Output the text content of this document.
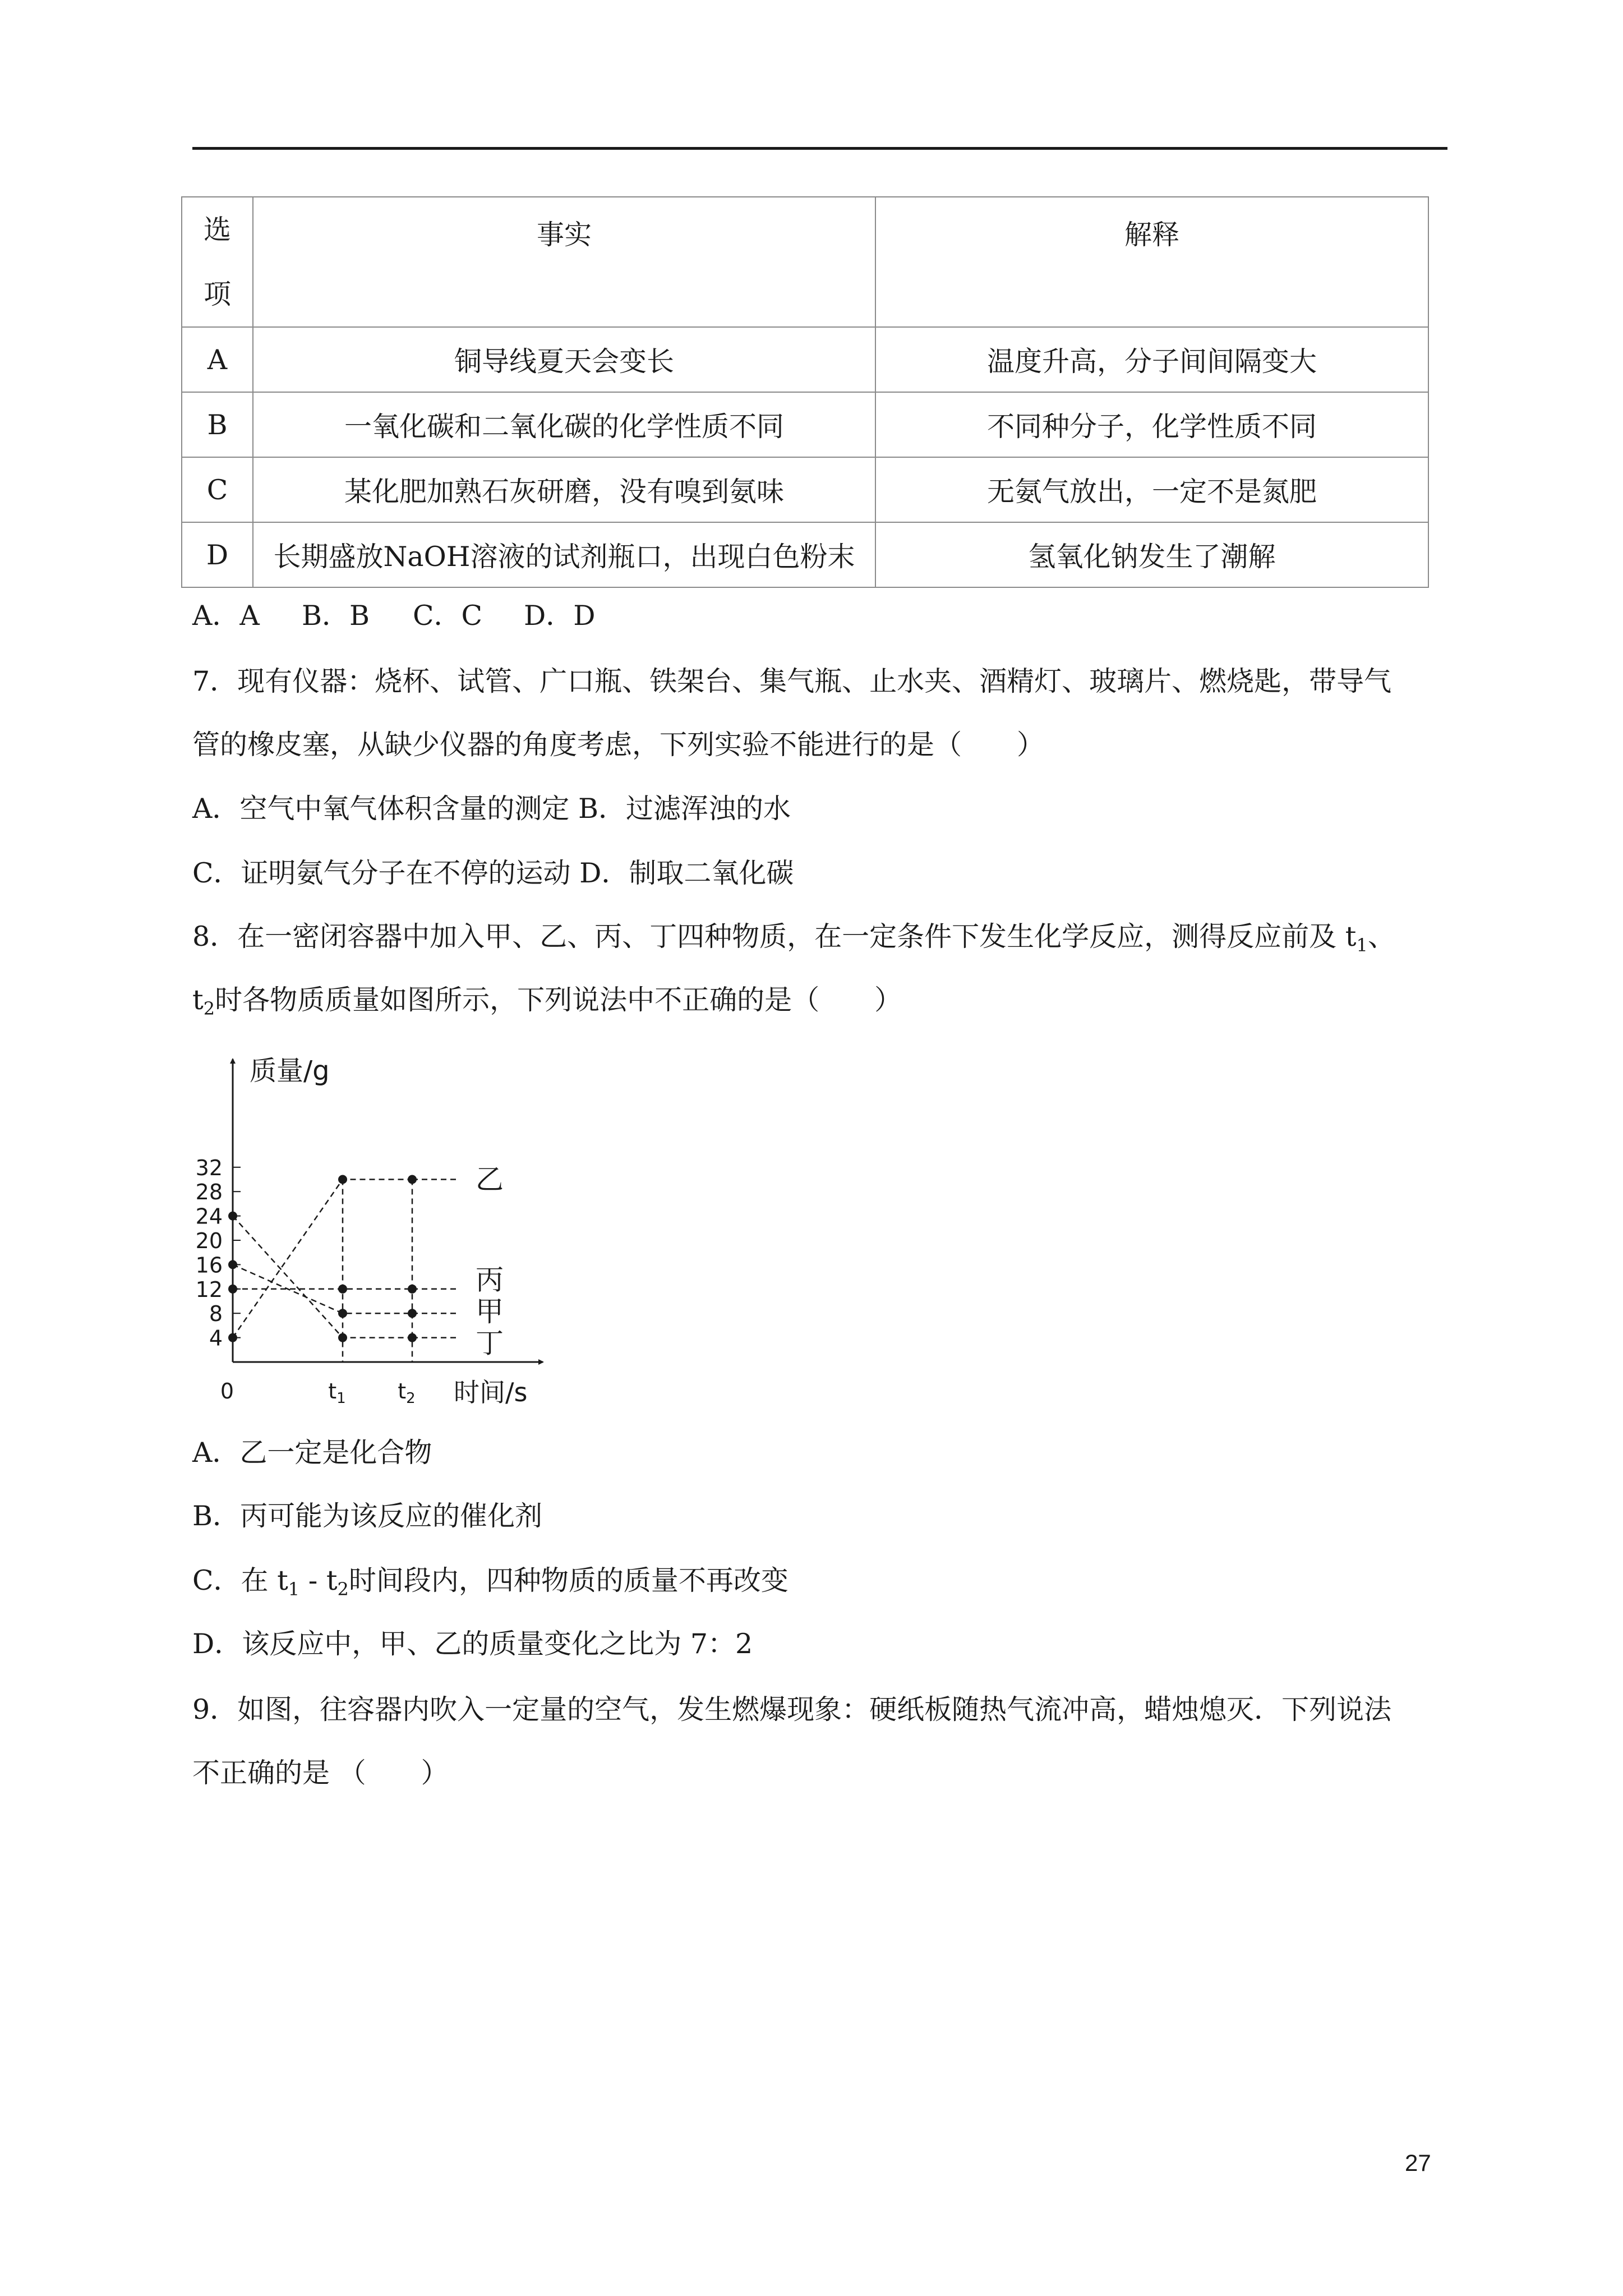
选
项	事实	解释
A	铜导线夏天会变长	温度升高，分子间间隔变大
B	一氧化碳和二氧化碳的化学性质不同	不同种分子，化学性质不同
C	某化肥加熟石灰研磨，没有嗅到氨味	无氨气放出，一定不是氮肥
D	长期盛放NaOH溶液的试剂瓶口，出现白色粉末	氢氧化钠发生了潮解
A．A B．B C．C D．D
7．现有仪器：烧杯、试管、广口瓶、铁架台、集气瓶、止水夹、酒精灯、玻璃片、燃烧匙，带导气
管的橡皮塞，从缺少仪器的角度考虑，下列实验不能进行的是（　　）
A．空气中氧气体积含量的测定 B．过滤浑浊的水
C．证明氨气分子在不停的运动 D．制取二氧化碳
8．在一密闭容器中加入甲、乙、丙、丁四种物质，在一定条件下发生化学反应，测得反应前及 $t_1$、
$t_2$时各物质质量如图所示，下列说法中不正确的是（　　）
质量/g
时间/s
0
4
8
12
16
20
24
28
32
$t_1$ $t_2$
乙
丙
甲
丁
A．乙一定是化合物
B．丙可能为该反应的催化剂
C．在 $t_1 - t_2$时间段内，四种物质的质量不再改变
D．该反应中，甲、乙的质量变化之比为 7：2
9．如图，往容器内吹入一定量的空气，发生燃爆现象：硬纸板随热气流冲高，蜡烛熄灭．下列说法
不正确的是 （　　）
27
